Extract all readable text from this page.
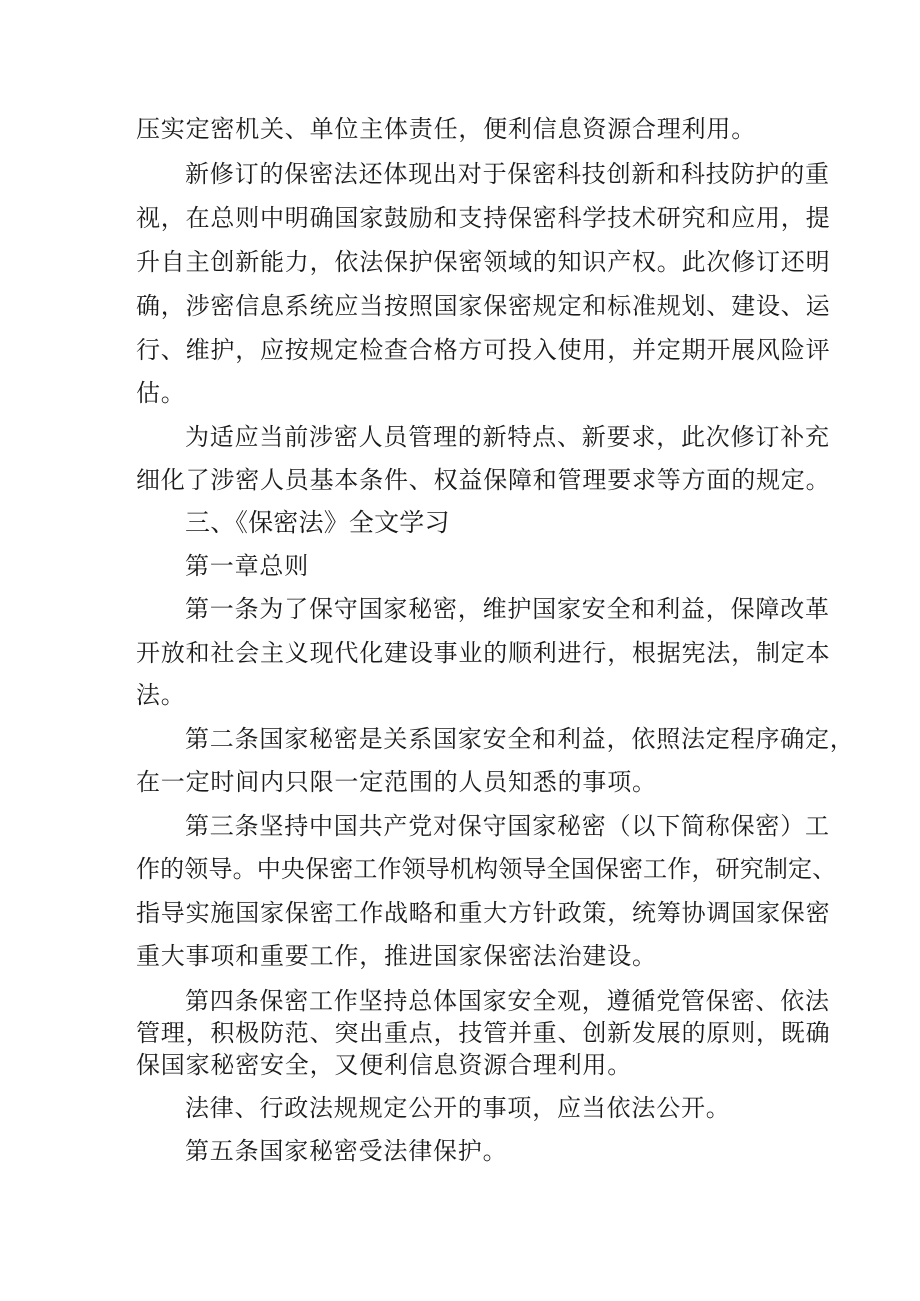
压实定密机关、单位主体责任，便利信息资源合理利用。
新修订的保密法还体现出对于保密科技创新和科技防护的重
视，在总则中明确国家鼓励和支持保密科学技术研究和应用，提
升自主创新能力，依法保护保密领域的知识产权。此次修订还明
确，涉密信息系统应当按照国家保密规定和标准规划、建设、运
行、维护，应按规定检查合格方可投入使用，并定期开展风险评
估。
为适应当前涉密人员管理的新特点、新要求，此次修订补充
细化了涉密人员基本条件、权益保障和管理要求等方面的规定。
三、《保密法》全文学习
第一章总则
第一条为了保守国家秘密，维护国家安全和利益，保障改革
开放和社会主义现代化建设事业的顺利进行，根据宪法，制定本
法。
第二条国家秘密是关系国家安全和利益，依照法定程序确定，
在一定时间内只限一定范围的人员知悉的事项。
第三条坚持中国共产党对保守国家秘密（以下简称保密）工
作的领导。中央保密工作领导机构领导全国保密工作，研究制定、
指导实施国家保密工作战略和重大方针政策，统筹协调国家保密
重大事项和重要工作，推进国家保密法治建设。
第四条保密工作坚持总体国家安全观，遵循党管保密、依法
管理，积极防范、突出重点，技管并重、创新发展的原则，既确
保国家秘密安全，又便利信息资源合理利用。
法律、行政法规规定公开的事项，应当依法公开。
第五条国家秘密受法律保护。
